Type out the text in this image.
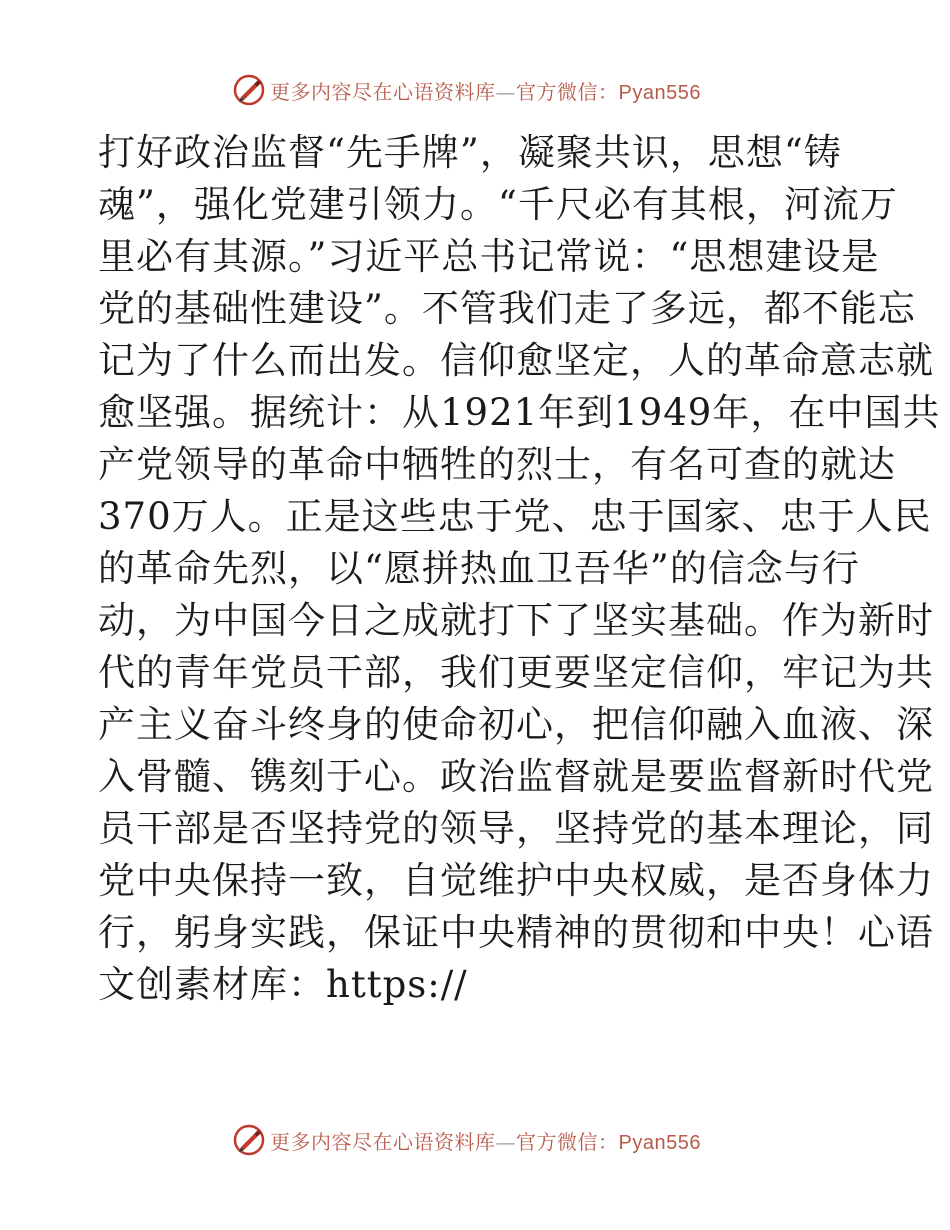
更多内容尽在心语资料库—官方微信：Pyan556
打好政治监督“先手牌”，凝聚共识，思想“铸
魂”，强化党建引领力。“千尺必有其根，河流万
里必有其源。”习近平总书记常说：“思想建设是
党的基础性建设”。不管我们走了多远，都不能忘
记为了什么而出发。信仰愈坚定，人的革命意志就
愈坚强。据统计：从1921年到1949年，在中国共
产党领导的革命中牺牲的烈士，有名可查的就达
370万人。正是这些忠于党、忠于国家、忠于人民
的革命先烈，以“愿拼热血卫吾华”的信念与行
动，为中国今日之成就打下了坚实基础。作为新时
代的青年党员干部，我们更要坚定信仰，牢记为共
产主义奋斗终身的使命初心，把信仰融入血液、深
入骨髓、镌刻于心。政治监督就是要监督新时代党
员干部是否坚持党的领导，坚持党的基本理论，同
党中央保持一致，自觉维护中央权威，是否身体力
行，躬身实践，保证中央精神的贯彻和中央！心语
文创素材库：https://
更多内容尽在心语资料库—官方微信：Pyan556
